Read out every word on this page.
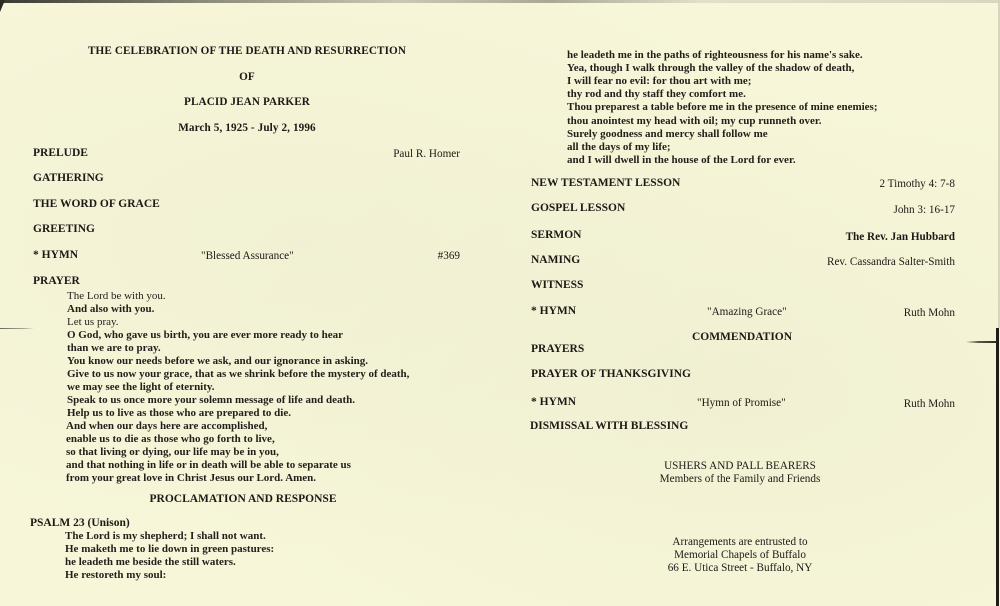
THE CELEBRATION OF THE DEATH AND RESURRECTION
OF
PLACID JEAN PARKER
March 5, 1925 - July 2, 1996
PRELUDE	Paul R. Homer
GATHERING
THE WORD OF GRACE
GREETING
* HYMN	"Blessed Assurance"	#369
PRAYER
The Lord be with you.
And also with you.
Let us pray.
O God, who gave us birth, you are ever more ready to hear
than we are to pray.
You know our needs before we ask, and our ignorance in asking.
Give to us now your grace, that as we shrink before the mystery of death,
we may see the light of eternity.
Speak to us once more your solemn message of life and death.
Help us to live as those who are prepared to die.
And when our days here are accomplished,
enable us to die as those who go forth to live,
so that living or dying, our life may be in you,
and that nothing in life or in death will be able to separate us
from your great love in Christ Jesus our Lord. Amen.
PROCLAMATION AND RESPONSE
PSALM 23 (Unison)
The Lord is my shepherd; I shall not want.
He maketh me to lie down in green pastures:
he leadeth me beside the still waters.
He restoreth my soul:
he leadeth me in the paths of righteousness for his name's sake.
Yea, though I walk through the valley of the shadow of death,
I will fear no evil: for thou art with me;
thy rod and thy staff they comfort me.
Thou preparest a table before me in the presence of mine enemies;
thou anointest my head with oil; my cup runneth over.
Surely goodness and mercy shall follow me
all the days of my life;
and I will dwell in the house of the Lord for ever.
NEW TESTAMENT LESSON	2 Timothy 4: 7-8
GOSPEL LESSON	John 3: 16-17
SERMON	The Rev. Jan Hubbard
NAMING	Rev. Cassandra Salter-Smith
WITNESS
* HYMN	"Amazing Grace"	Ruth Mohn
COMMENDATION
PRAYERS
PRAYER OF THANKSGIVING
* HYMN	"Hymn of Promise"	Ruth Mohn
DISMISSAL WITH BLESSING
USHERS AND PALL BEARERS
Members of the Family and Friends
Arrangements are entrusted to
Memorial Chapels of Buffalo
66 E. Utica Street - Buffalo, NY
